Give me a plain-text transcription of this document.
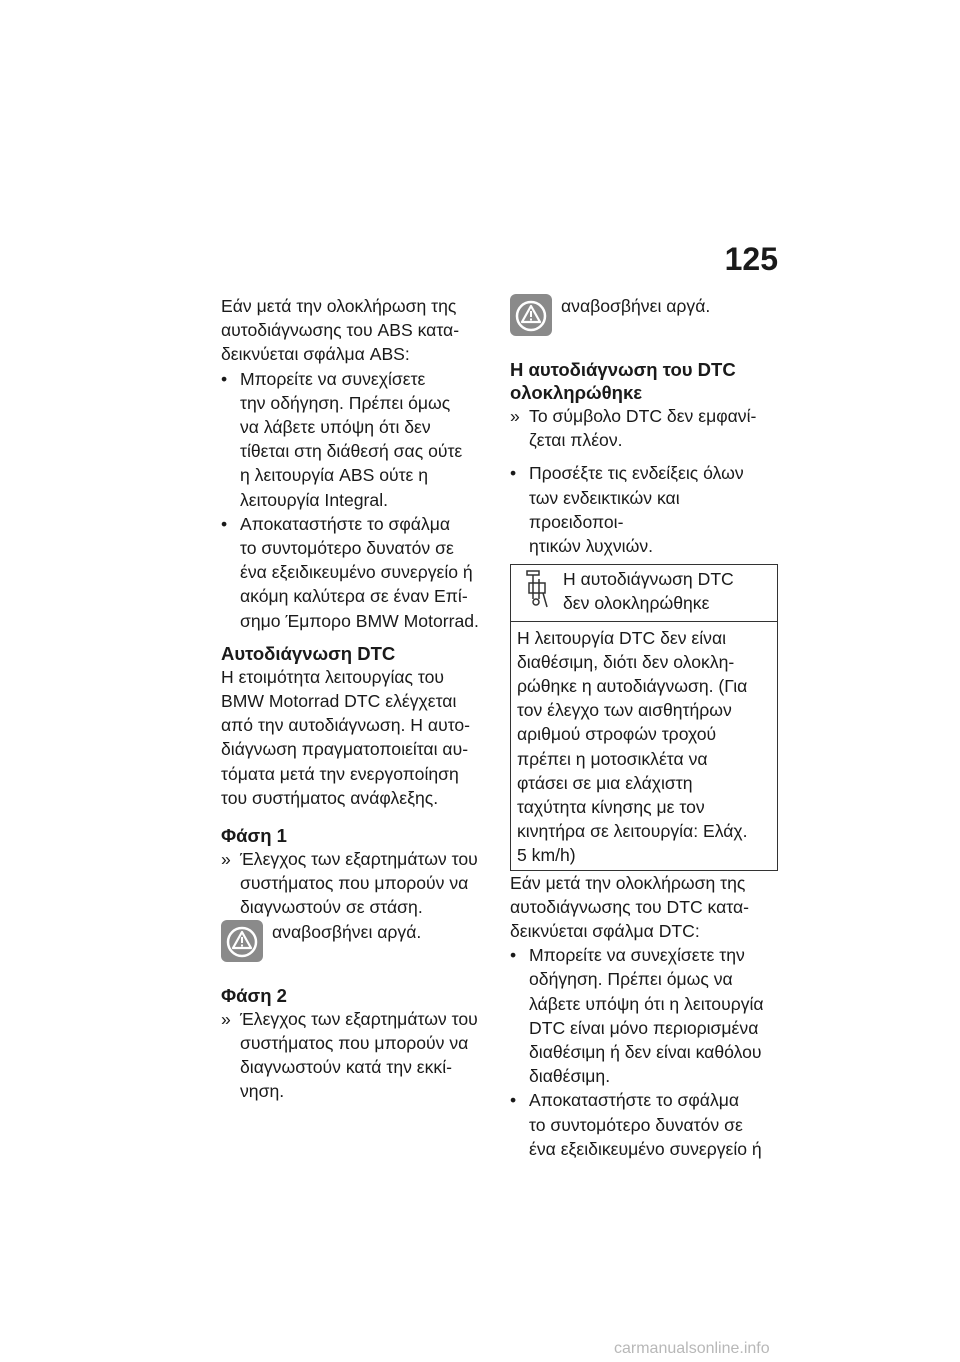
125

Εάν μετά την ολοκλήρωση της
αυτοδιάγνωσης του ABS κατα-
δεικνύεται σφάλμα ABS:

• Μπορείτε να συνεχίσετε
την οδήγηση. Πρέπει όμως
να λάβετε υπόψη ότι δεν
τίθεται στη διάθεσή σας ούτε
η λειτουργία ABS ούτε η
λειτουργία Integral.
• Αποκαταστήστε το σφάλμα
το συντομότερο δυνατόν σε
ένα εξειδικευμένο συνεργείο ή
ακόμη καλύτερα σε έναν Επί-
σημο Έμπορο BMW Motorrad.

Αυτοδιάγνωση DTC

Η ετοιμότητα λειτουργίας του
BMW Motorrad DTC ελέγχεται
από την αυτοδιάγνωση. Η αυτο-
διάγνωση πραγματοποιείται αυ-
τόματα μετά την ενεργοποίηση
του συστήματος ανάφλεξης.

Φάση 1

» Έλεγχος των εξαρτημάτων του
συστήματος που μπορούν να
διαγνωστούν σε στάση.
αναβοσβήνει αργά.

Φάση 2

» Έλεγχος των εξαρτημάτων του
συστήματος που μπορούν να
διαγνωστούν κατά την εκκί-
νηση.
αναβοσβήνει αργά.

Η αυτοδιάγνωση του DTC
ολοκληρώθηκε

» Το σύμβολο DTC δεν εμφανί-
ζεται πλέον.
• Προσέξτε τις ενδείξεις όλων
των ενδεικτικών και προειδοποι-
ητικών λυχνιών.
Η αυτοδιάγνωση DTC
δεν ολοκληρώθηκε
Η λειτουργία DTC δεν είναι
διαθέσιμη, διότι δεν ολοκλη-
ρώθηκε η αυτοδιάγνωση. (Για
τον έλεγχο των αισθητήρων
αριθμού στροφών τροχού
πρέπει η μοτοσικλέτα να
φτάσει σε μια ελάχιστη
ταχύτητα κίνησης με τον
κινητήρα σε λειτουργία: Ελάχ.
5 km/h)

Εάν μετά την ολοκλήρωση της
αυτοδιάγνωσης του DTC κατα-
δεικνύεται σφάλμα DTC:

• Μπορείτε να συνεχίσετε την
οδήγηση. Πρέπει όμως να
λάβετε υπόψη ότι η λειτουργία
DTC είναι μόνο περιορισμένα
διαθέσιμη ή δεν είναι καθόλου
διαθέσιμη.
• Αποκαταστήστε το σφάλμα
το συντομότερο δυνατόν σε
ένα εξειδικευμένο συνεργείο ή
carmanualsonline.info
